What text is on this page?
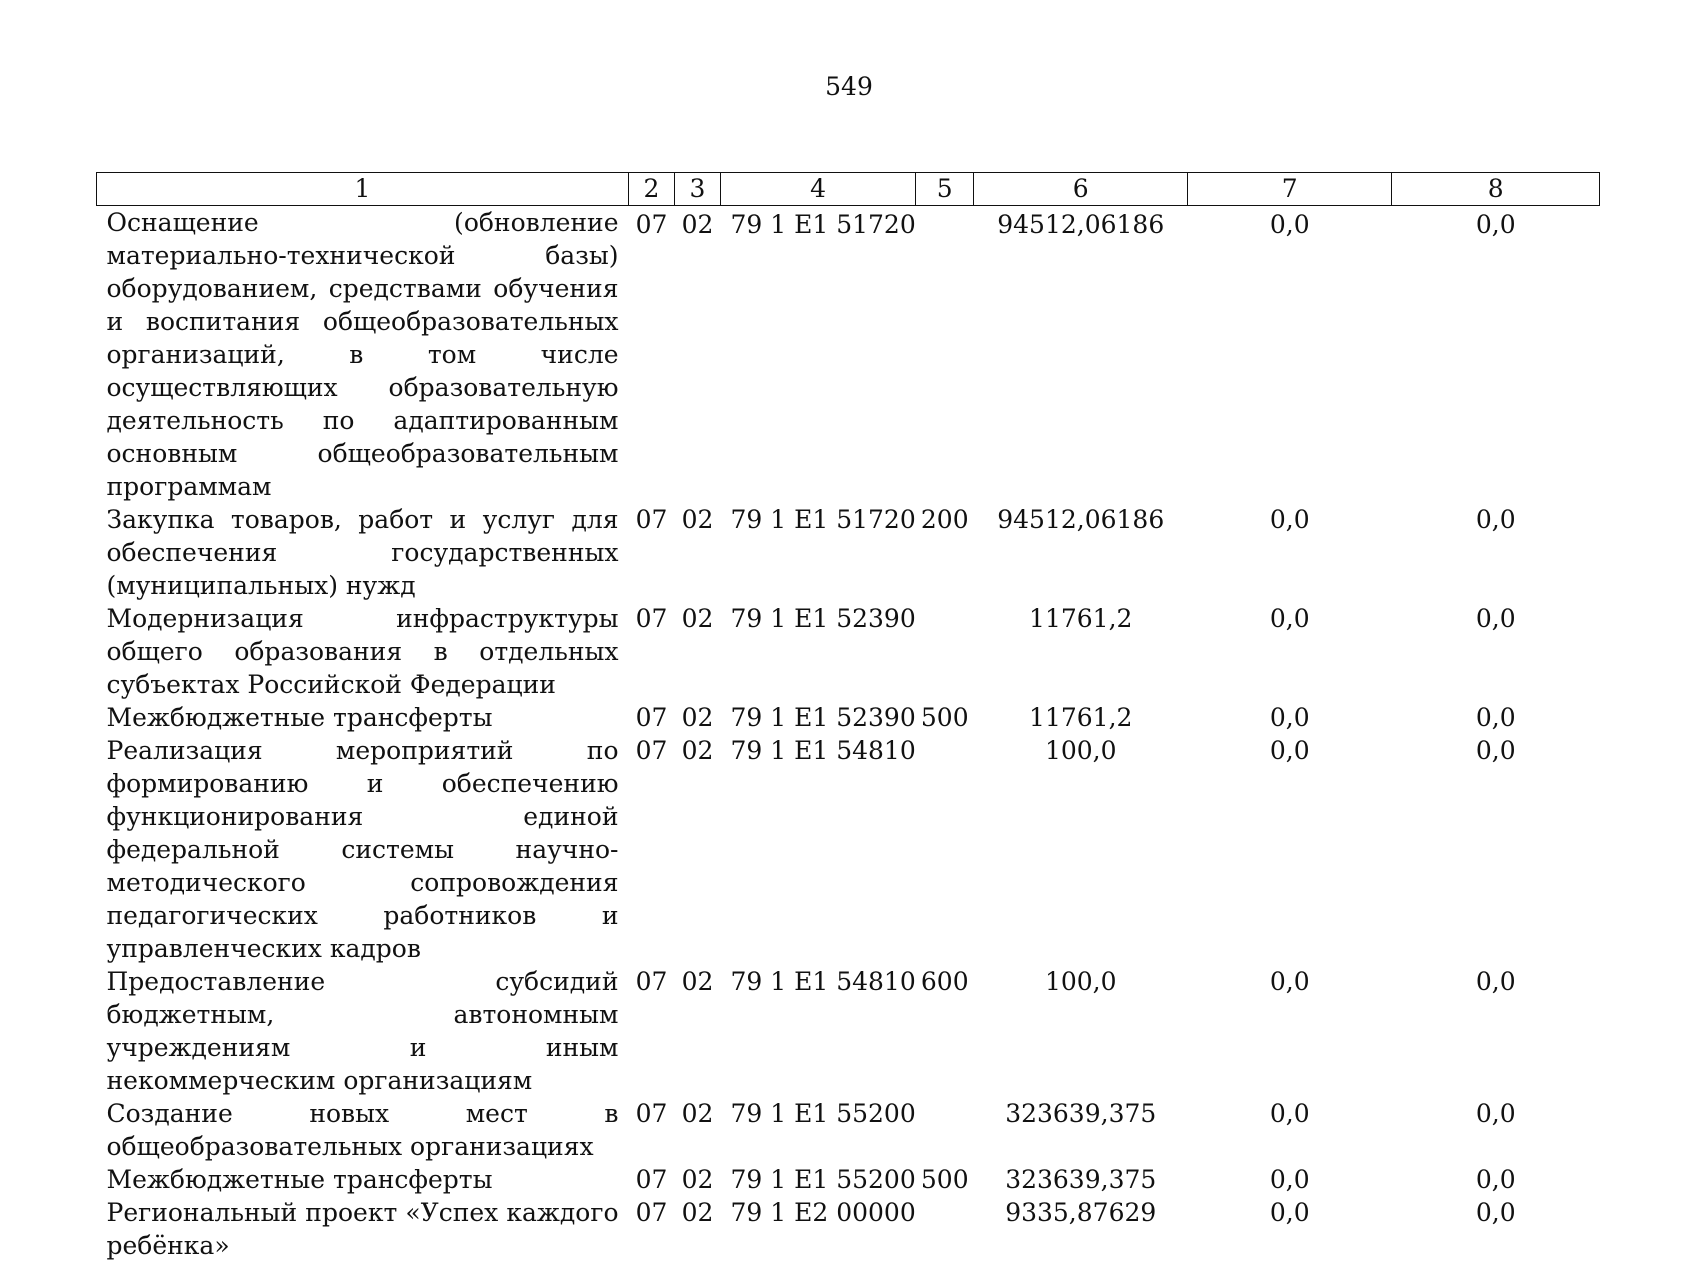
549
1	2	3	4	5	6	7	8
Оснащение (обновление материально-технической базы) оборудованием, средствами обучения и воспитания общеобразовательных организаций, в том числе осуществляющих образовательную деятельность по адаптированным основным общеобразовательным программам	07	02	79 1 E1 51720		94512,06186	0,0	0,0
Закупка товаров, работ и услуг для обеспечения государственных (муниципальных) нужд	07	02	79 1 E1 51720	200	94512,06186	0,0	0,0
Модернизация инфраструктуры общего образования в отдельных субъектах Российской Федерации	07	02	79 1 E1 52390		11761,2	0,0	0,0
Межбюджетные трансферты	07	02	79 1 E1 52390	500	11761,2	0,0	0,0
Реализация мероприятий по формированию и обеспечению функционирования единой федеральной системы научно-методического сопровождения педагогических работников и управленческих кадров	07	02	79 1 E1 54810		100,0	0,0	0,0
Предоставление субсидий бюджетным, автономным учреждениям и иным некоммерческим организациям	07	02	79 1 E1 54810	600	100,0	0,0	0,0
Создание новых мест в общеобразовательных организациях	07	02	79 1 E1 55200		323639,375	0,0	0,0
Межбюджетные трансферты	07	02	79 1 E1 55200	500	323639,375	0,0	0,0
Региональный проект «Успех каждого ребёнка»	07	02	79 1 E2 00000		9335,87629	0,0	0,0
